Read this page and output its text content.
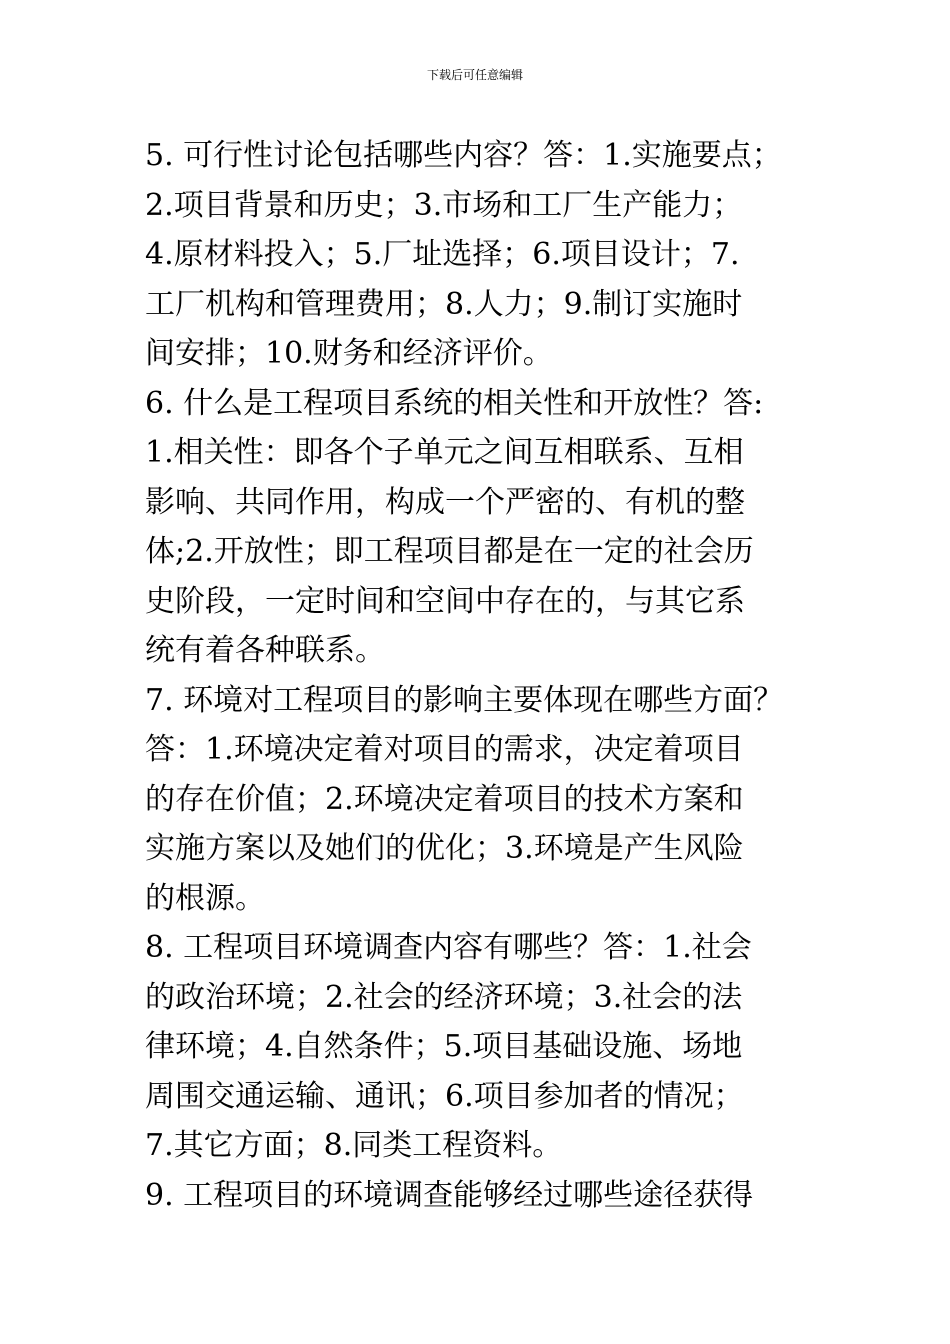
下载后可任意编辑
5. 可行性讨论包括哪些内容？答：1.实施要点；
2.项目背景和历史；3.市场和工厂生产能力；
4.原材料投入；5.厂址选择；6.项目设计；7.
工厂机构和管理费用；8.人力；9.制订实施时
间安排；10.财务和经济评价。
6. 什么是工程项目系统的相关性和开放性？答:
1.相关性：即各个子单元之间互相联系、互相
影响、共同作用，构成一个严密的、有机的整
体;2.开放性；即工程项目都是在一定的社会历
史阶段，一定时间和空间中存在的，与其它系
统有着各种联系。
7. 环境对工程项目的影响主要体现在哪些方面？
答：1.环境决定着对项目的需求，决定着项目
的存在价值；2.环境决定着项目的技术方案和
实施方案以及她们的优化；3.环境是产生风险
的根源。
8. 工程项目环境调查内容有哪些？答：1.社会
的政治环境；2.社会的经济环境；3.社会的法
律环境；4.自然条件；5.项目基础设施、场地
周围交通运输、通讯；6.项目参加者的情况；
7.其它方面；8.同类工程资料。
9. 工程项目的环境调查能够经过哪些途径获得
